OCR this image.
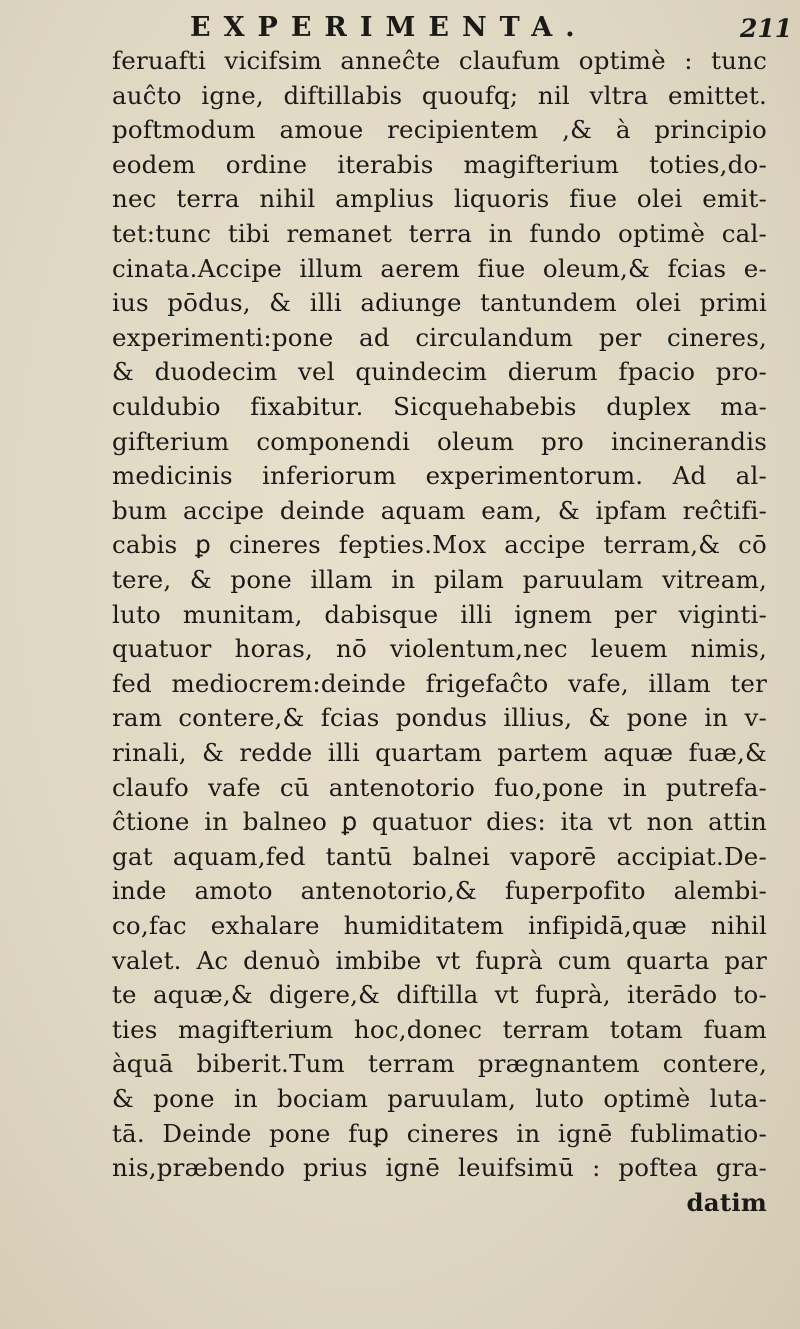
EXPERIMENTA.	211
feruafti vicifsim anneĉte claufum optimè : tunc
auĉto igne, diftillabis quoufq; nil vltra emittet.
poftmodum amoue recipientem ,& à principio
eodem ordine iterabis magifterium toties,do-
nec terra nihil amplius liquoris fiue olei emit-
tet:tunc tibi remanet terra in fundo optimè cal-
cinata.Accipe illum aerem fiue oleum,& fcias e-
ius pōdus, & illi adiunge tantundem olei primi
experimenti:pone ad circulandum per cineres,
& duodecim vel quindecim dierum fpacio pro-
culdubio fixabitur. Sicquehabebis duplex ma-
gifterium componendi oleum pro incinerandis
medicinis inferiorum experimentorum. Ad al-
bum accipe deinde aquam eam, & ipfam reĉtifi-
cabis ꝑ cineres fepties.Mox accipe terram,& cō
tere, & pone illam in pilam paruulam vitream,
luto munitam, dabisque illi ignem per viginti-
quatuor horas, nō violentum,nec leuem nimis,
fed mediocrem:deinde frigefaĉto vafe, illam ter
ram contere,& fcias pondus illius, & pone in v-
rinali, & redde illi quartam partem aquæ fuæ,&
claufo vafe cū antenotorio fuo,pone in putrefa-
ĉtione in balneo ꝑ quatuor dies: ita vt non attin
gat aquam,fed tantū balnei vaporē accipiat.De-
inde amoto antenotorio,& fuperpofito alembi-
co,fac exhalare humiditatem infipidā,quæ nihil
valet. Ac denuò imbibe vt fuprà cum quarta par
te aquæ,& digere,& diftilla vt fuprà, iterādo to-
ties magifterium hoc,donec terram totam fuam
àquā biberit.Tum terram prægnantem contere,
& pone in bociam paruulam, luto optimè luta-
tā. Deinde pone fuꝑ cineres in ignē fublimatio-
nis,præbendo prius ignē leuifsimū : poftea gra-
datim
